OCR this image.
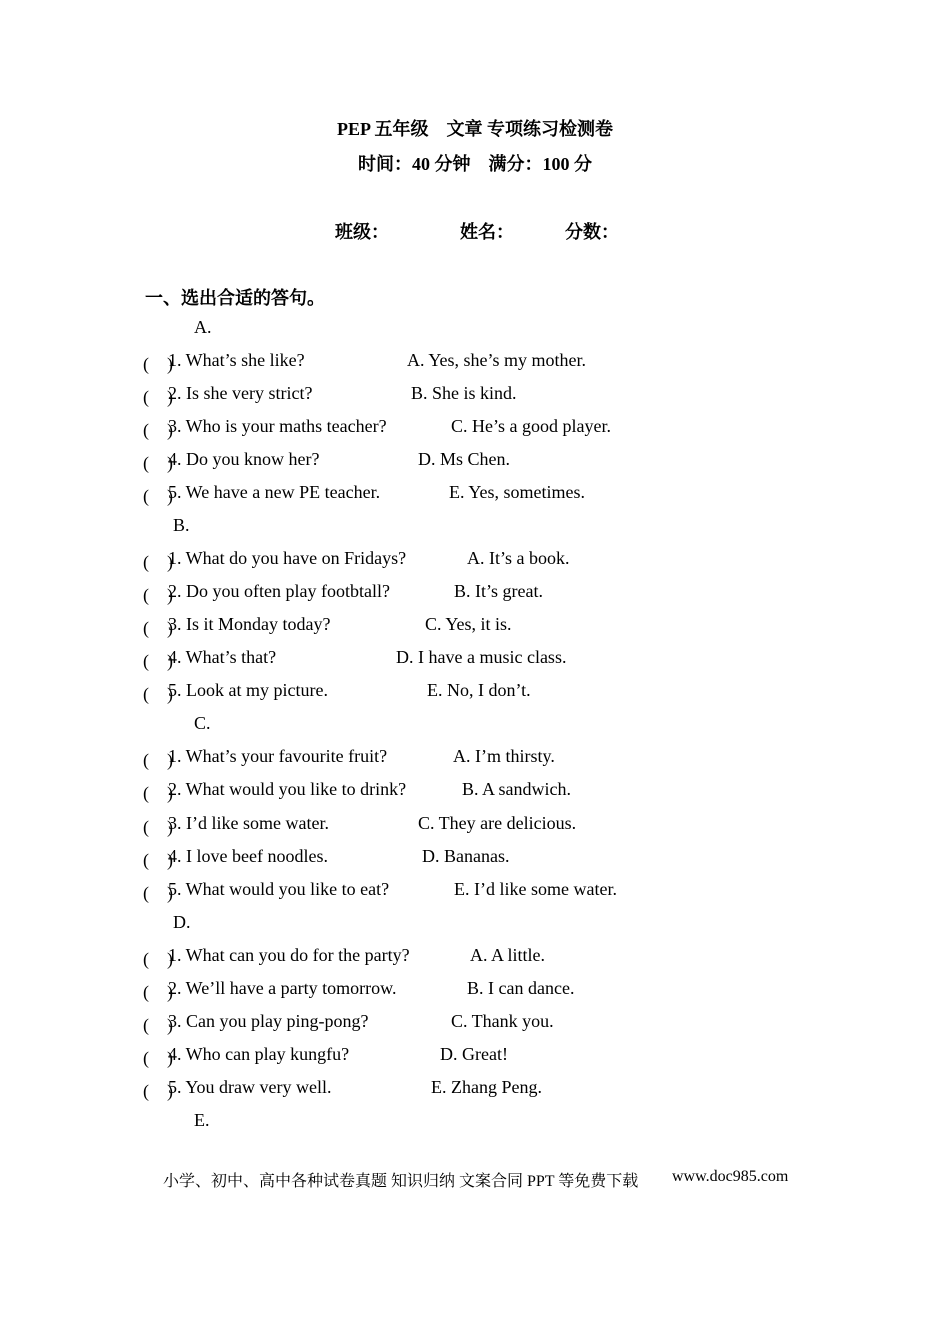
PEP 五年级　文章 专项练习检测卷
时间：40 分钟　满分：100 分
班级：	姓名：	分数：
一、选出合适的答句。
A.
(　)
1. What’s she like?	A. Yes, she’s my mother.
(　)
2. Is she very strict?	B. She is kind.
(　)
3. Who is your maths teacher?	C. He’s a good player.
(　)
4. Do you know her?	D. Ms Chen.
(　)
5. We have a new PE teacher.	E. Yes, sometimes.
B.
(　)
1. What do you have on Fridays?	A. It’s a book.
(　)
2. Do you often play footbtall?	B. It’s great.
(　)
3. Is it Monday today?	C. Yes, it is.
(　)
4. What’s that?	D. I have a music class.
(　)
5. Look at my picture.	E. No, I don’t.
C.
(　)
1. What’s your favourite fruit?	A. I’m thirsty.
(　)
2. What would you like to drink?	B. A sandwich.
(　)
3. I’d like some water.	C. They are delicious.
(　)
4. I love beef noodles.	D. Bananas.
(　)
5. What would you like to eat?	E. I’d like some water.
D.
(　)
1. What can you do for the party?	A. A little.
(　)
2. We’ll have a party tomorrow.	B. I can dance.
(　)
3. Can you play ping-pong?	C. Thank you.
(　)
4. Who can play kungfu?	D. Great!
(　)
5. You draw very well.	E. Zhang Peng.
E.
小学、初中、高中各种试卷真题 知识归纳 文案合同 PPT 等免费下载 www.doc985.com
